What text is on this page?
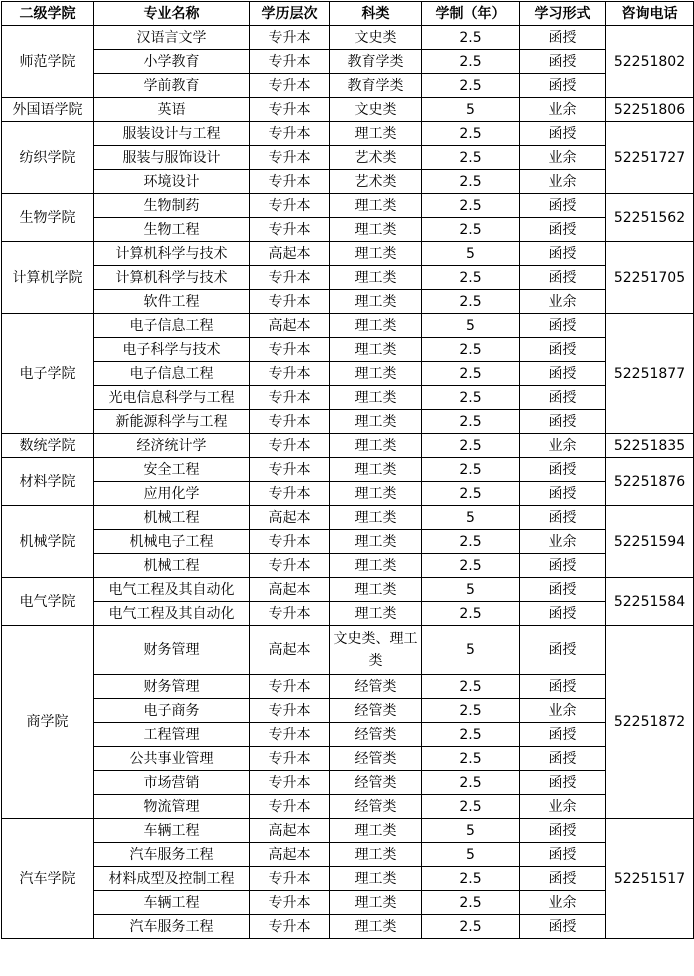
二级学院	专业名称	学历层次	科类	学制（年）	学习形式	咨询电话
师范学院	汉语言文学	专升本	文史类	2.5	函授	52251802
	小学教育	专升本	教育学类	2.5	函授	
	学前教育	专升本	教育学类	2.5	函授	
外国语学院	英语	专升本	文史类	5	业余	52251806
纺织学院	服装设计与工程	专升本	理工类	2.5	函授	52251727
	服装与服饰设计	专升本	艺术类	2.5	业余	
	环境设计	专升本	艺术类	2.5	业余	
生物学院	生物制药	专升本	理工类	2.5	函授	52251562
	生物工程	专升本	理工类	2.5	函授	
计算机学院	计算机科学与技术	高起本	理工类	5	函授	52251705
	计算机科学与技术	专升本	理工类	2.5	函授	
	软件工程	专升本	理工类	2.5	业余	
电子学院	电子信息工程	高起本	理工类	5	函授	52251877
	电子科学与技术	专升本	理工类	2.5	函授	
	电子信息工程	专升本	理工类	2.5	函授	
	光电信息科学与工程	专升本	理工类	2.5	函授	
	新能源科学与工程	专升本	理工类	2.5	函授	
数统学院	经济统计学	专升本	理工类	2.5	业余	52251835
材料学院	安全工程	专升本	理工类	2.5	函授	52251876
	应用化学	专升本	理工类	2.5	函授	
机械学院	机械工程	高起本	理工类	5	函授	52251594
	机械电子工程	专升本	理工类	2.5	业余	
	机械工程	专升本	理工类	2.5	函授	
电气学院	电气工程及其自动化	高起本	理工类	5	函授	52251584
	电气工程及其自动化	专升本	理工类	2.5	函授	
商学院	财务管理	高起本	文史类、理工类	5	函授	52251872
	财务管理	专升本	经管类	2.5	函授	
	电子商务	专升本	经管类	2.5	业余	
	工程管理	专升本	经管类	2.5	函授	
	公共事业管理	专升本	经管类	2.5	函授	
	市场营销	专升本	经管类	2.5	函授	
	物流管理	专升本	经管类	2.5	业余	
汽车学院	车辆工程	高起本	理工类	5	函授	52251517
	汽车服务工程	高起本	理工类	5	函授	
	材料成型及控制工程	专升本	理工类	2.5	函授	
	车辆工程	专升本	理工类	2.5	业余	
	汽车服务工程	专升本	理工类	2.5	函授	
